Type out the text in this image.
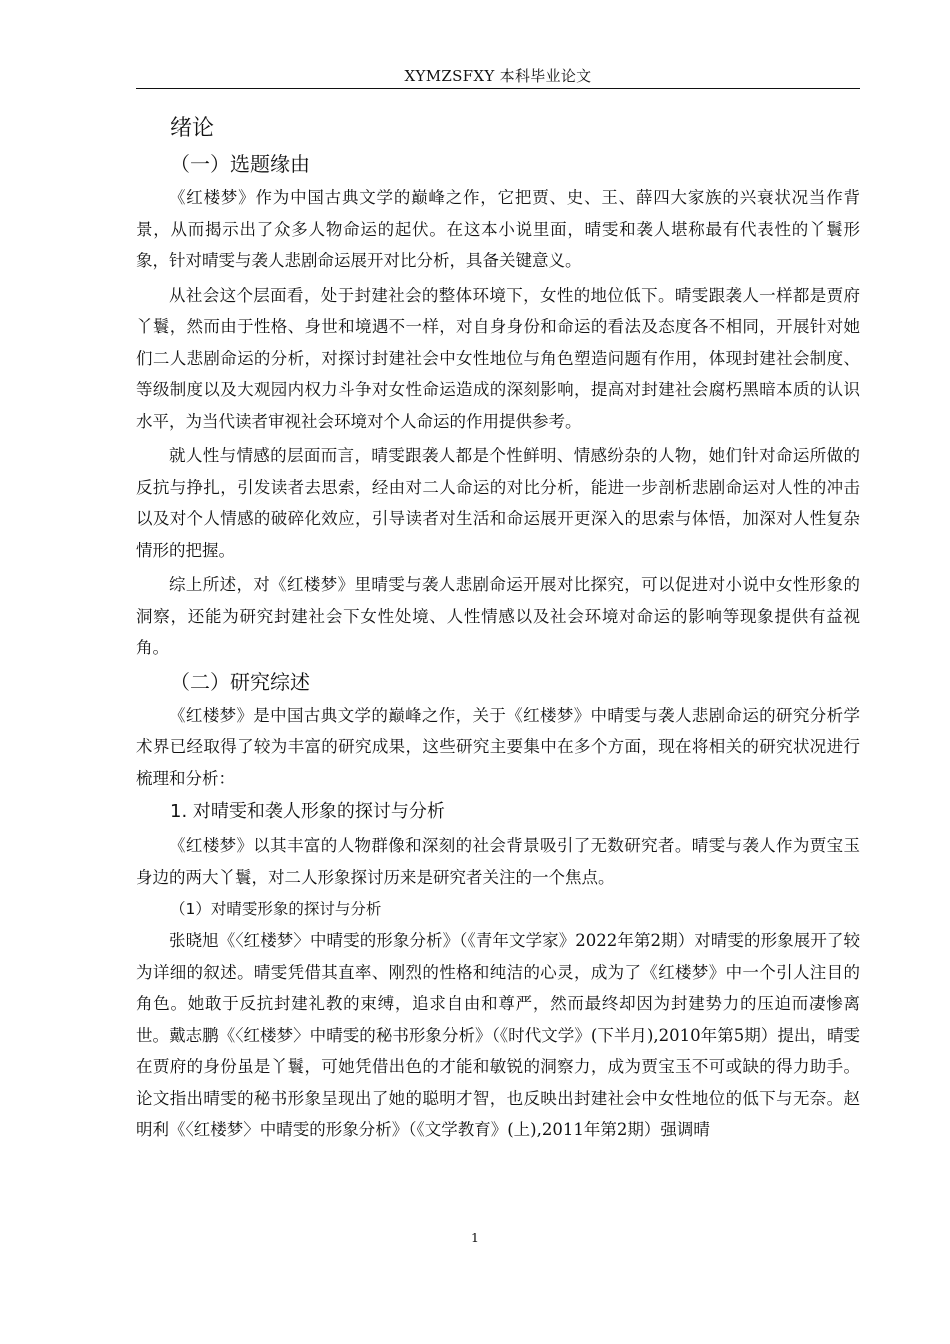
XYMZSFXY 本科毕业论文
绪论
（一）选题缘由

《红楼梦》作为中国古典文学的巅峰之作，它把贾、史、王、薛四大家族的兴衰状况当作背景，从而揭示出了众多人物命运的起伏。在这本小说里面，晴雯和袭人堪称最有代表性的丫鬟形象，针对晴雯与袭人悲剧命运展开对比分析，具备关键意义。

从社会这个层面看，处于封建社会的整体环境下，女性的地位低下。晴雯跟袭人一样都是贾府丫鬟，然而由于性格、身世和境遇不一样，对自身身份和命运的看法及态度各不相同，开展针对她们二人悲剧命运的分析，对探讨封建社会中女性地位与角色塑造问题有作用，体现封建社会制度、等级制度以及大观园内权力斗争对女性命运造成的深刻影响，提高对封建社会腐朽黑暗本质的认识水平，为当代读者审视社会环境对个人命运的作用提供参考。

就人性与情感的层面而言，晴雯跟袭人都是个性鲜明、情感纷杂的人物，她们针对命运所做的反抗与挣扎，引发读者去思索，经由对二人命运的对比分析，能进一步剖析悲剧命运对人性的冲击以及对个人情感的破碎化效应，引导读者对生活和命运展开更深入的思索与体悟，加深对人性复杂情形的把握。

综上所述，对《红楼梦》里晴雯与袭人悲剧命运开展对比探究，可以促进对小说中女性形象的洞察，还能为研究封建社会下女性处境、人性情感以及社会环境对命运的影响等现象提供有益视角。

（二）研究综述

《红楼梦》是中国古典文学的巅峰之作，关于《红楼梦》中晴雯与袭人悲剧命运的研究分析学术界已经取得了较为丰富的研究成果，这些研究主要集中在多个方面，现在将相关的研究状况进行梳理和分析：

1. 对晴雯和袭人形象的探讨与分析

《红楼梦》以其丰富的人物群像和深刻的社会背景吸引了无数研究者。晴雯与袭人作为贾宝玉身边的两大丫鬟，对二人形象探讨历来是研究者关注的一个焦点。

（1）对晴雯形象的探讨与分析

张晓旭《〈红楼梦〉中晴雯的形象分析》（《青年文学家》2022年第2期）对晴雯的形象展开了较为详细的叙述。晴雯凭借其直率、刚烈的性格和纯洁的心灵，成为了《红楼梦》中一个引人注目的角色。她敢于反抗封建礼教的束缚，追求自由和尊严，然而最终却因为封建势力的压迫而凄惨离世。戴志鹏《〈红楼梦〉中晴雯的秘书形象分析》（《时代文学》(下半月),2010年第5期）提出，晴雯在贾府的身份虽是丫鬟，可她凭借出色的才能和敏锐的洞察力，成为贾宝玉不可或缺的得力助手。论文指出晴雯的秘书形象呈现出了她的聪明才智，也反映出封建社会中女性地位的低下与无奈。赵明利《〈红楼梦〉中晴雯的形象分析》（《文学教育》(上),2011年第2期）强调晴

1
